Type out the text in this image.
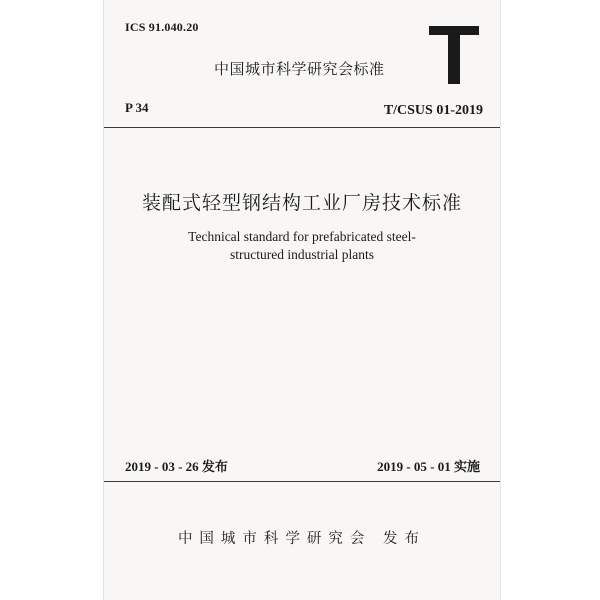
ICS 91.040.20
中国城市科学研究会标准
P 34	T/CSUS 01-2019
装配式轻型钢结构工业厂房技术标准
Technical standard for prefabricated steel-
structured industrial plants
2019 - 03 - 26 发布	2019 - 05 - 01 实施
中国城市科学研究会 发布
